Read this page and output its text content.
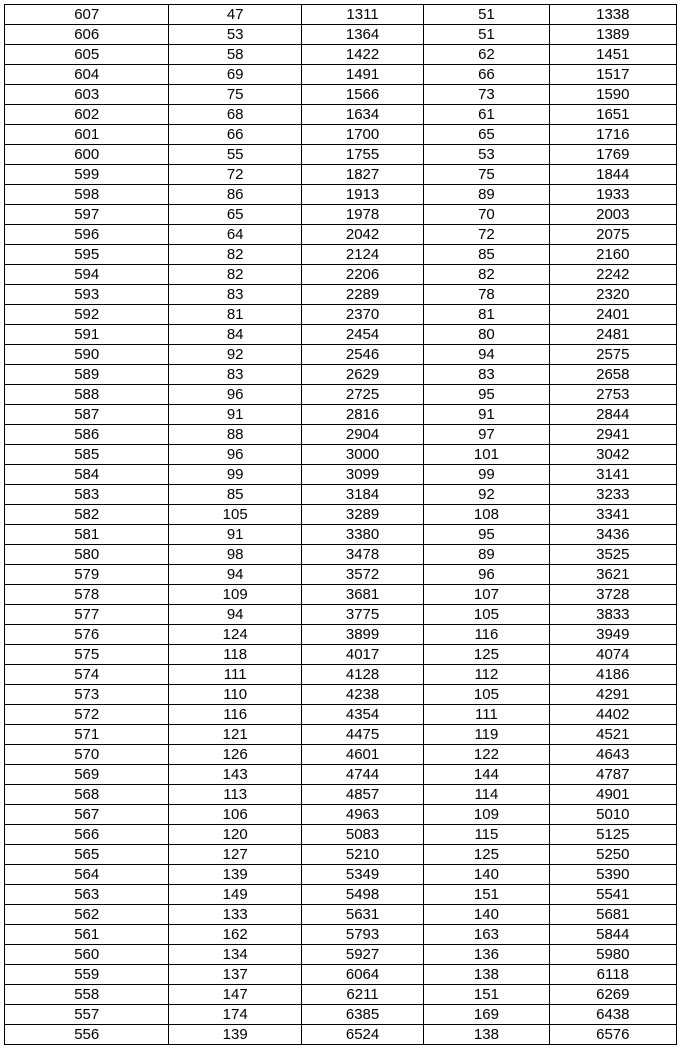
607	47	1311	51	1338
606	53	1364	51	1389
605	58	1422	62	1451
604	69	1491	66	1517
603	75	1566	73	1590
602	68	1634	61	1651
601	66	1700	65	1716
600	55	1755	53	1769
599	72	1827	75	1844
598	86	1913	89	1933
597	65	1978	70	2003
596	64	2042	72	2075
595	82	2124	85	2160
594	82	2206	82	2242
593	83	2289	78	2320
592	81	2370	81	2401
591	84	2454	80	2481
590	92	2546	94	2575
589	83	2629	83	2658
588	96	2725	95	2753
587	91	2816	91	2844
586	88	2904	97	2941
585	96	3000	101	3042
584	99	3099	99	3141
583	85	3184	92	3233
582	105	3289	108	3341
581	91	3380	95	3436
580	98	3478	89	3525
579	94	3572	96	3621
578	109	3681	107	3728
577	94	3775	105	3833
576	124	3899	116	3949
575	118	4017	125	4074
574	111	4128	112	4186
573	110	4238	105	4291
572	116	4354	111	4402
571	121	4475	119	4521
570	126	4601	122	4643
569	143	4744	144	4787
568	113	4857	114	4901
567	106	4963	109	5010
566	120	5083	115	5125
565	127	5210	125	5250
564	139	5349	140	5390
563	149	5498	151	5541
562	133	5631	140	5681
561	162	5793	163	5844
560	134	5927	136	5980
559	137	6064	138	6118
558	147	6211	151	6269
557	174	6385	169	6438
556	139	6524	138	6576
